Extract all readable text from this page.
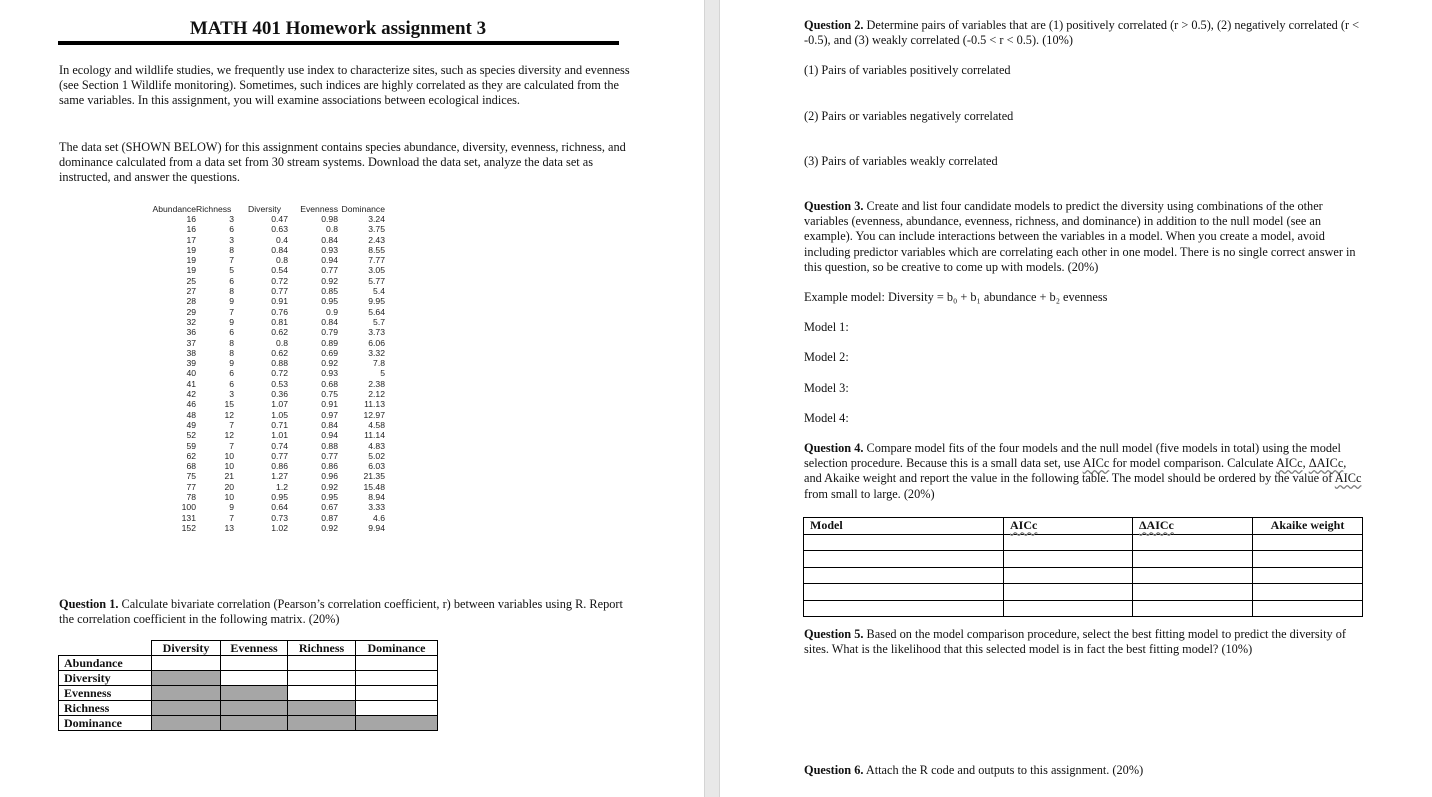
MATH 401 Homework assignment 3
In ecology and wildlife studies, we frequently use index to characterize sites, such as species diversity and evenness (see Section 1 Wildlife monitoring). Sometimes, such indices are highly correlated as they are calculated from the same variables. In this assignment, you will examine associations between ecological indices.
The data set (SHOWN BELOW) for this assignment contains species abundance, diversity, evenness, richness, and dominance calculated from a data set from 30 stream systems. Download the data set, analyze the data set as instructed, and answer the questions.
Abundance	Richness	Diversity	Evenness	Dominance
16	3	0.47	0.98	3.24
16	6	0.63	0.8	3.75
17	3	0.4	0.84	2.43
19	8	0.84	0.93	8.55
19	7	0.8	0.94	7.77
19	5	0.54	0.77	3.05
25	6	0.72	0.92	5.77
27	8	0.77	0.85	5.4
28	9	0.91	0.95	9.95
29	7	0.76	0.9	5.64
32	9	0.81	0.84	5.7
36	6	0.62	0.79	3.73
37	8	0.8	0.89	6.06
38	8	0.62	0.69	3.32
39	9	0.88	0.92	7.8
40	6	0.72	0.93	5
41	6	0.53	0.68	2.38
42	3	0.36	0.75	2.12
46	15	1.07	0.91	11.13
48	12	1.05	0.97	12.97
49	7	0.71	0.84	4.58
52	12	1.01	0.94	11.14
59	7	0.74	0.88	4.83
62	10	0.77	0.77	5.02
68	10	0.86	0.86	6.03
75	21	1.27	0.96	21.35
77	20	1.2	0.92	15.48
78	10	0.95	0.95	8.94
100	9	0.64	0.67	3.33
131	7	0.73	0.87	4.6
152	13	1.02	0.92	9.94
Question 1. Calculate bivariate correlation (Pearson’s correlation coefficient, r) between variables using R. Report the correlation coefficient in the following matrix. (20%)
	Diversity	Evenness	Richness	Dominance
Abundance				
Diversity				
Evenness				
Richness				
Dominance				
Question 2. Determine pairs of variables that are (1) positively correlated (r > 0.5), (2) negatively correlated (r < -0.5), and (3) weakly correlated (-0.5 < r < 0.5). (10%)
(1) Pairs of variables positively correlated
(2) Pairs or variables negatively correlated
(3) Pairs of variables weakly correlated
Question 3. Create and list four candidate models to predict the diversity using combinations of the other variables (evenness, abundance, evenness, richness, and dominance) in addition to the null model (see an example). You can include interactions between the variables in a model. When you create a model, avoid including predictor variables which are correlating each other in one model. There is no single correct answer in this question, so be creative to come up with models. (20%)
Example model: Diversity = b₀ + b₁ abundance + b₂ evenness
Model 1:
Model 2:
Model 3:
Model 4:
Question 4. Compare model fits of the four models and the null model (five models in total) using the model selection procedure. Because this is a small data set, use AICc for model comparison. Calculate AICc, ΔAICc, and Akaike weight and report the value in the following table. The model should be ordered by the value of AICc from small to large. (20%)
Model	AICc	ΔAICc	Akaike weight

Question 5. Based on the model comparison procedure, select the best fitting model to predict the diversity of sites. What is the likelihood that this selected model is in fact the best fitting model? (10%)
Question 6. Attach the R code and outputs to this assignment. (20%)
